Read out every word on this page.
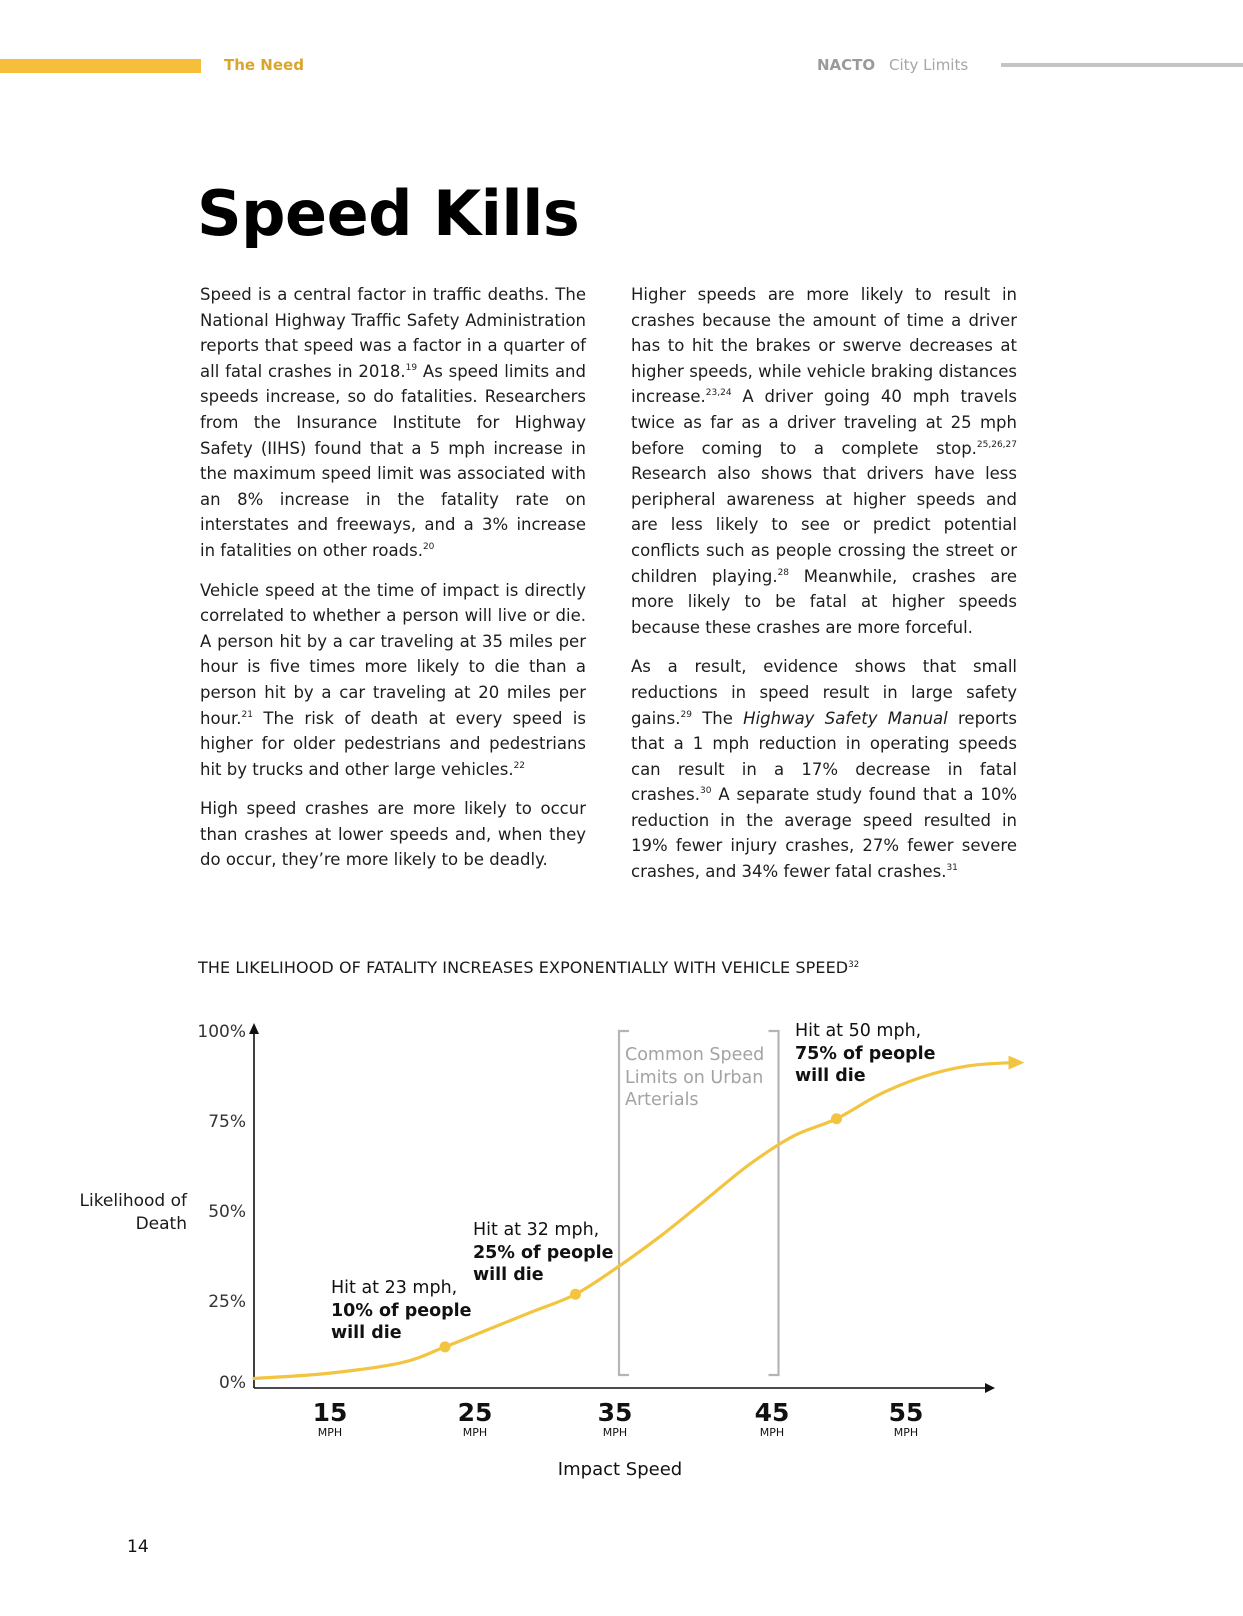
The Need	NACTO City Limits
Speed Kills

Speed is a central factor in traffic deaths. The National Highway Traffic Safety Administration reports that speed was a factor in a quarter of all fatal crashes in 2018.19 As speed limits and speeds increase, so do fatalities. Researchers from the Insurance Institute for Highway Safety (IIHS) found that a 5 mph increase in the maximum speed limit was associated with an 8% increase in the fatality rate on interstates and freeways, and a 3% increase in fatalities on other roads.$^{20}$

Vehicle speed at the time of impact is directly correlated to whether a person will live or die. A person hit by a car traveling at 35 miles per hour is five times more likely to die than a person hit by a car traveling at 20 miles per hour.$^{21}$ The risk of death at every speed is higher for older pedestrians and pedestrians hit by trucks and other large vehicles.$^{22}$

High speed crashes are more likely to occur than crashes at lower speeds and, when they do occur, they’re more likely to be deadly.

Higher speeds are more likely to result in crashes because the amount of time a driver has to hit the brakes or swerve decreases at higher speeds, while vehicle braking distances increase.$^{23,24}$ A driver going 40 mph travels twice as far as a driver traveling at 25 mph before coming to a complete stop.$^{25,26,27}$ Research also shows that drivers have less peripheral awareness at higher speeds and are less likely to see or predict potential conflicts such as people crossing the street or children playing.$^{28}$ Meanwhile, crashes are more likely to be fatal at higher speeds because these crashes are more forceful.

As a result, evidence shows that small reductions in speed result in large safety gains.$^{29}$ The Highway Safety Manual reports that a 1 mph reduction in operating speeds can result in a 17% decrease in fatal crashes.$^{30}$ A separate study found that a 10% reduction in the average speed resulted in 19% fewer injury crashes, 27% fewer severe crashes, and 34% fewer fatal crashes.$^{31}$

THE LIKELIHOOD OF FATALITY INCREASES EXPONENTIALLY WITH VEHICLE SPEED$^{32}$
Likelihood of Death
100%
75%
50%
25%
0%
15
MPH
25
MPH
35
MPH
45
MPH
55
MPH
Impact Speed
Hit at 23 mph,
10% of people
will die
Hit at 32 mph,
25% of people
will die
Hit at 50 mph,
75% of people
will die
Common Speed
Limits on Urban
Arterials
14
